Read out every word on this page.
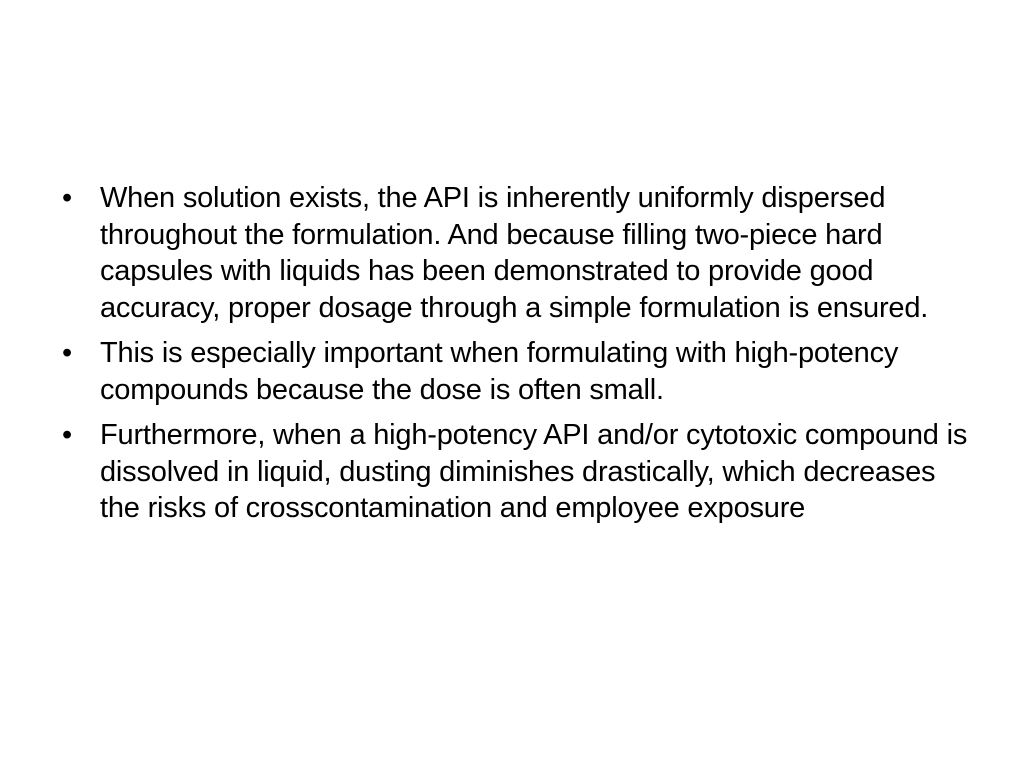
• When solution exists, the API is inherently uniformly dispersed throughout the formulation. And because filling two-piece hard capsules with liquids has been demonstrated to provide good accuracy, proper dosage through a simple formulation is ensured.
• This is especially important when formulating with high-potency compounds because the dose is often small.
• Furthermore, when a high-potency API and/or cytotoxic compound is dissolved in liquid, dusting diminishes drastically, which decreases the risks of crosscontamination and employee exposure
